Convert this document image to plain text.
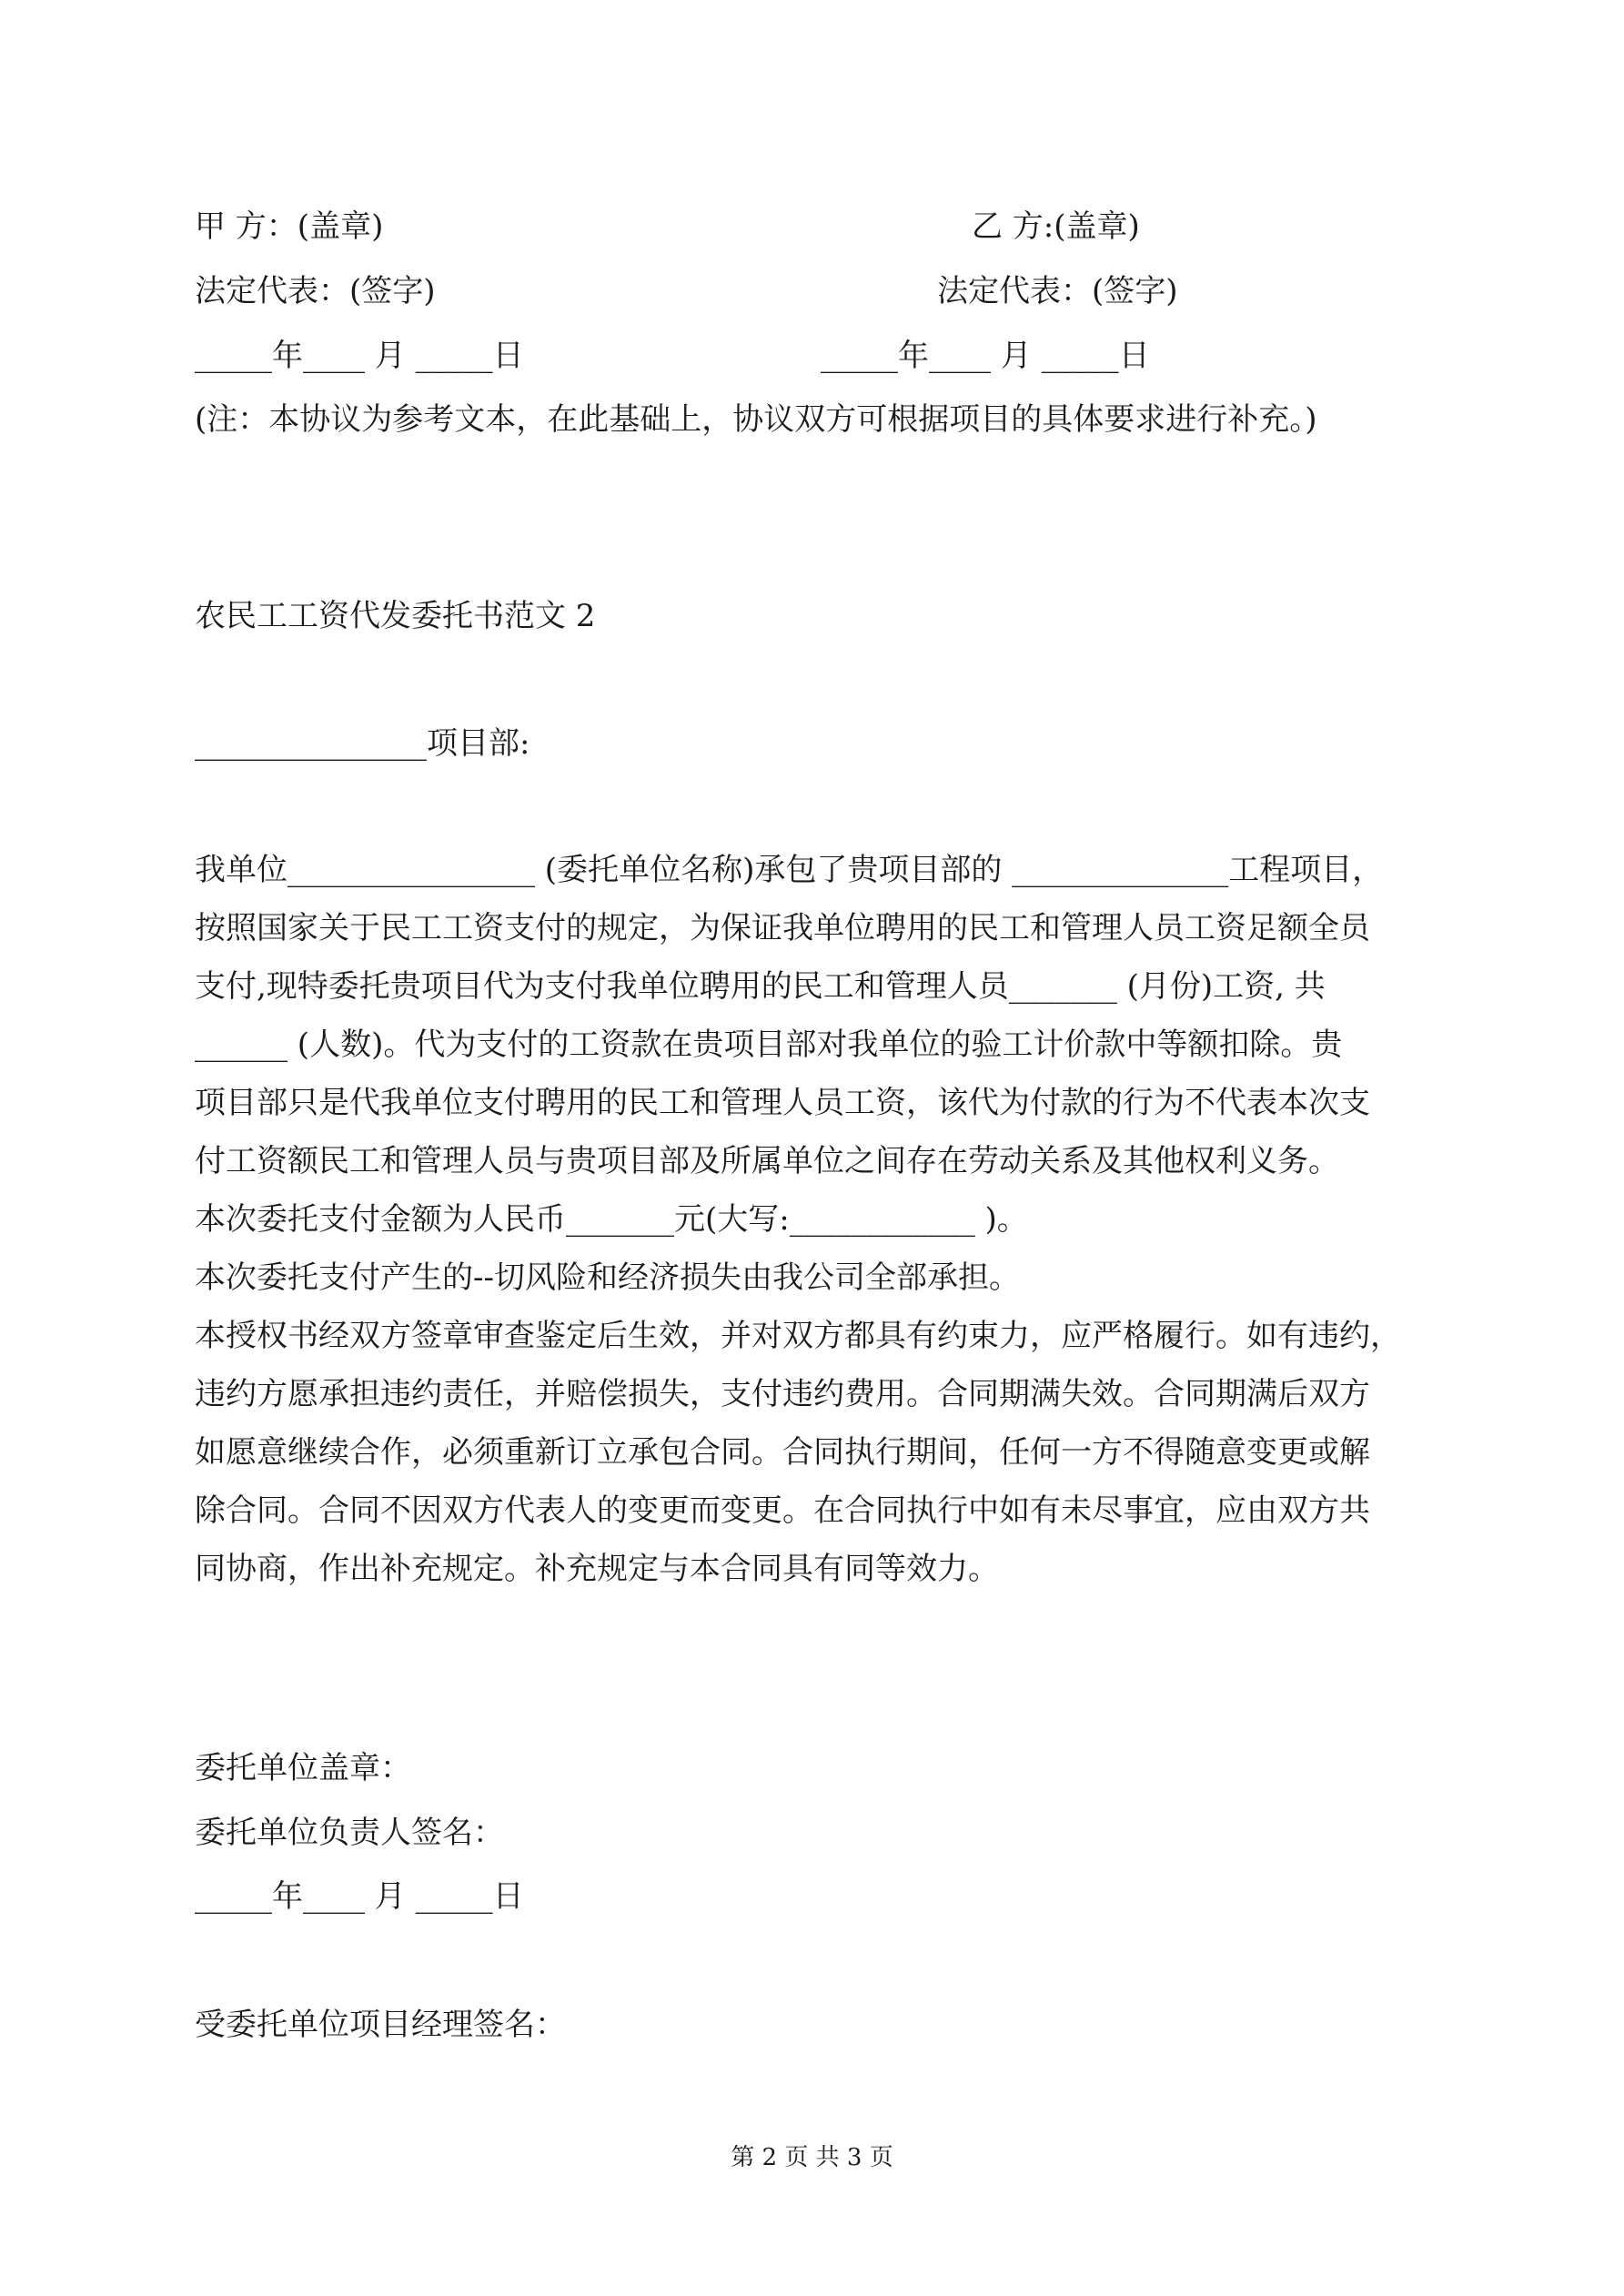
甲 方：(盖章)	乙 方:(盖章)
法定代表：(签字)	法定代表：(签字)
_____年____ 月 _____日	_____年____ 月 _____日
(注：本协议为参考文本，在此基础上，协议双方可根据项目的具体要求进行补充。)
农民工工资代发委托书范文 2
_______________项目部:
我单位________________ (委托单位名称)承包了贵项目部的 ______________工程项目，
按照国家关于民工工资支付的规定，为保证我单位聘用的民工和管理人员工资足额全员
支付,现特委托贵项目代为支付我单位聘用的民工和管理人员_______ (月份)工资, 共
______ (人数)。代为支付的工资款在贵项目部对我单位的验工计价款中等额扣除。贵
项目部只是代我单位支付聘用的民工和管理人员工资，该代为付款的行为不代表本次支
付工资额民工和管理人员与贵项目部及所属单位之间存在劳动关系及其他权利义务。
本次委托支付金额为人民币_______元(大写:____________ )。
本次委托支付产生的--切风险和经济损失由我公司全部承担。
本授权书经双方签章审查鉴定后生效，并对双方都具有约束力，应严格履行。如有违约，
违约方愿承担违约责任，并赔偿损失，支付违约费用。合同期满失效。合同期满后双方
如愿意继续合作，必须重新订立承包合同。合同执行期间，任何一方不得随意变更或解
除合同。合同不因双方代表人的变更而变更。在合同执行中如有未尽事宜，应由双方共
同协商，作出补充规定。补充规定与本合同具有同等效力。
委托单位盖章：
委托单位负责人签名：
_____年____ 月 _____日
受委托单位项目经理签名：
第 2 页 共 3 页
